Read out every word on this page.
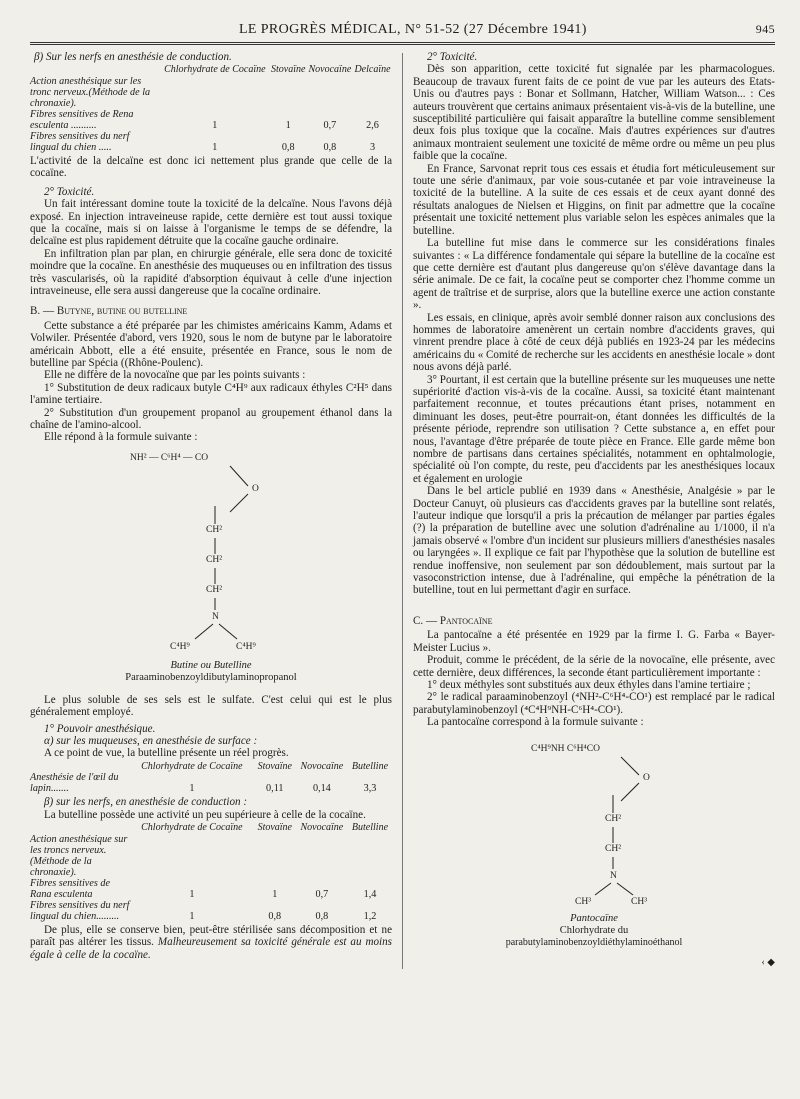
LE PROGRÈS MÉDICAL, N° 51-52 (27 Décembre 1941)	945

β) Sur les nerfs en anesthésie de conduction.

	Chlorhydrate de Cocaïne	Stovaïne	Novocaïne	Delcaïne
Action anesthésique sur les tronc nerveux.(Méthode de la chronaxie).				
Fibres sensitives de Rena esculenta ..........	1	1	0,7	2,6
Fibres sensitives du nerf lingual du chien .....	1	0,8	0,8	3

L'activité de la delcaïne est donc ici nettement plus grande que celle de la cocaïne.

2° Toxicité.

Un fait intéressant domine toute la toxicité de la delcaïne. Nous l'avons déjà exposé. En injection intraveineuse rapide, cette dernière est tout aussi toxique que la cocaïne, mais si on laisse à l'organisme le temps de se défendre, la delcaïne est plus rapidement détruite que la cocaïne gauche ordinaire.

En infiltration plan par plan, en chirurgie générale, elle sera donc de toxicité moindre que la cocaïne. En anesthésie des muqueuses ou en infiltration des tissus très vascularisés, où la rapidité d'absorption équivaut à celle d'une injection intraveineuse, elle sera aussi dangereuse que la cocaïne ordinaire.

B. — Butyne, butine ou butelline

Cette substance a été préparée par les chimistes américains Kamm, Adams et Volwiler. Présentée d'abord, vers 1920, sous le nom de butyne par le laboratoire américain Abbott, elle a été ensuite, présentée en France, sous le nom de butelline par Spécia ((Rhône-Poulenc).

Elle ne diffère de la novocaïne que par les points suivants :

1° Substitution de deux radicaux butyle C⁴H⁹ aux radicaux éthyles C²H⁵ dans l'amine tertiaire.

2° Substitution d'un groupement propanol au groupement éthanol dans la chaîne de l'amino-alcool.

Elle répond à la formule suivante :

NH² — C⁶H⁴ — CO
O
CH²
CH²
CH²
N
C⁴H⁹	C⁴H⁹

Butine ou Butelline

Paraaminobenzoyldibutylaminopropanol

Le plus soluble de ses sels est le sulfate. C'est celui qui est le plus généralement employé.

1° Pouvoir anesthésique.

α) sur les muqueuses, en anesthésie de surface :

A ce point de vue, la butelline présente un réel progrès.

	Chlorhydrate de Cocaïne	Stovaïne	Novocaïne	Butelline
Anesthésie de l'œil du lapin.......	1	0,11	0,14	3,3

β) sur les nerfs, en anesthésie de conduction :

La butelline possède une activité un peu supérieure à celle de la cocaïne.

	Chlorhydrate de Cocaïne	Stovaïne	Novocaïne	Butelline
Action anesthésique sur les troncs nerveux. (Méthode de la chronaxie).				
Fibres sensitives de Rana esculenta	1	1	0,7	1,4
Fibres sensitives du nerf lingual du chien.........	1	0,8	0,8	1,2

De plus, elle se conserve bien, peut-être stérilisée sans décomposition et ne paraît pas altérer les tissus. Malheureusement sa toxicité générale est au moins égale à celle de la cocaïne.

2° Toxicité.

Dès son apparition, cette toxicité fut signalée par les pharmacologues. Beaucoup de travaux furent faits de ce point de vue par les auteurs des Etats-Unis ou d'autres pays : Bonar et Sollmann, Hatcher, William Watson... : Ces auteurs trouvèrent que certains animaux présentaient vis-à-vis de la butelline, une susceptibilité particulière qui faisait apparaître la butelline comme sensiblement deux fois plus toxique que la cocaïne. Mais d'autres expériences sur d'autres animaux montraient seulement une toxicité de même ordre ou même un peu plus faible que la cocaïne.

En France, Sarvonat reprit tous ces essais et étudia fort méticuleusement sur toute une série d'animaux, par voie sous-cutanée et par voie intraveineuse la toxicité de la butelline. A la suite de ces essais et de ceux ayant donné des résultats analogues de Nielsen et Higgins, on finit par admettre que la cocaïne présentait une toxicité nettement plus variable selon les espèces animales que la butelline.

La butelline fut mise dans le commerce sur les considérations finales suivantes : « La différence fondamentale qui sépare la butelline de la cocaïne est que cette dernière est d'autant plus dangereuse qu'on s'élève davantage dans la série animale. De ce fait, la cocaïne peut se comporter chez l'homme comme un agent de traîtrise et de surprise, alors que la butelline exerce une action constante ».

Les essais, en clinique, après avoir semblé donner raison aux conclusions des hommes de laboratoire amenèrent un certain nombre d'accidents graves, qui vinrent prendre place à côté de ceux déjà publiés en 1923-24 par les médecins américains du « Comité de recherche sur les accidents en anesthésie locale » dont nous avons déjà parlé.

3° Pourtant, il est certain que la butelline présente sur les muqueuses une nette supériorité d'action vis-à-vis de la cocaïne. Aussi, sa toxicité étant maintenant parfaitement reconnue, et toutes précautions étant prises, notamment en diminuant les doses, peut-être pourrait-on, étant données les difficultés de la présente période, reprendre son utilisation ? Cette substance a, en effet pour nous, l'avantage d'être préparée de toute pièce en France. Elle garde même bon nombre de partisans dans certaines spécialités, notamment en ophtalmologie, spécialité où l'on compte, du reste, peu d'accidents par les anesthésiques locaux et également en urologie

Dans le bel article publié en 1939 dans « Anesthésie, Analgésie » par le Docteur Canuyt, où plusieurs cas d'accidents graves par la butelline sont relatés, l'auteur indique que lorsqu'il a pris la précaution de mélanger par parties égales (?) la préparation de butelline avec une solution d'adrénaline au 1/1000, il n'a jamais observé « l'ombre d'un incident sur plusieurs milliers d'anesthésies nasales ou laryngées ». Il explique ce fait par l'hypothèse que la solution de butelline est rendue inoffensive, non seulement par son dédoublement, mais surtout par la vasoconstriction intense, due à l'adrénaline, qui empêche la pénétration de la butelline, tout en lui permettant d'agir en surface.

C. — Pantocaïne

La pantocaïne a été présentée en 1929 par la firme I. G. Farba « Bayer-Meister Lucius ».

Produit, comme le précédent, de la série de la novocaïne, elle présente, avec cette dernière, deux différences, la seconde étant particulièrement importante :

1° deux méthyles sont substitués aux deux éthyles dans l'amine tertiaire ;

2° le radical paraaminobenzoyl (⁴NH²-C⁶H⁴-CO¹) est remplacé par le radical parabutylaminobenzoyl (⁴C⁴H⁹NH-C⁶H⁴-CO¹).

La pantocaïne correspond à la formule suivante :

C⁴H⁹NH C⁶H⁴CO
O
CH²
CH²
N
CH³	CH³

Pantocaïne

Chlorhydrate du

parabutylaminobenzoyldiéthylaminoéthanol

‹ ◆
